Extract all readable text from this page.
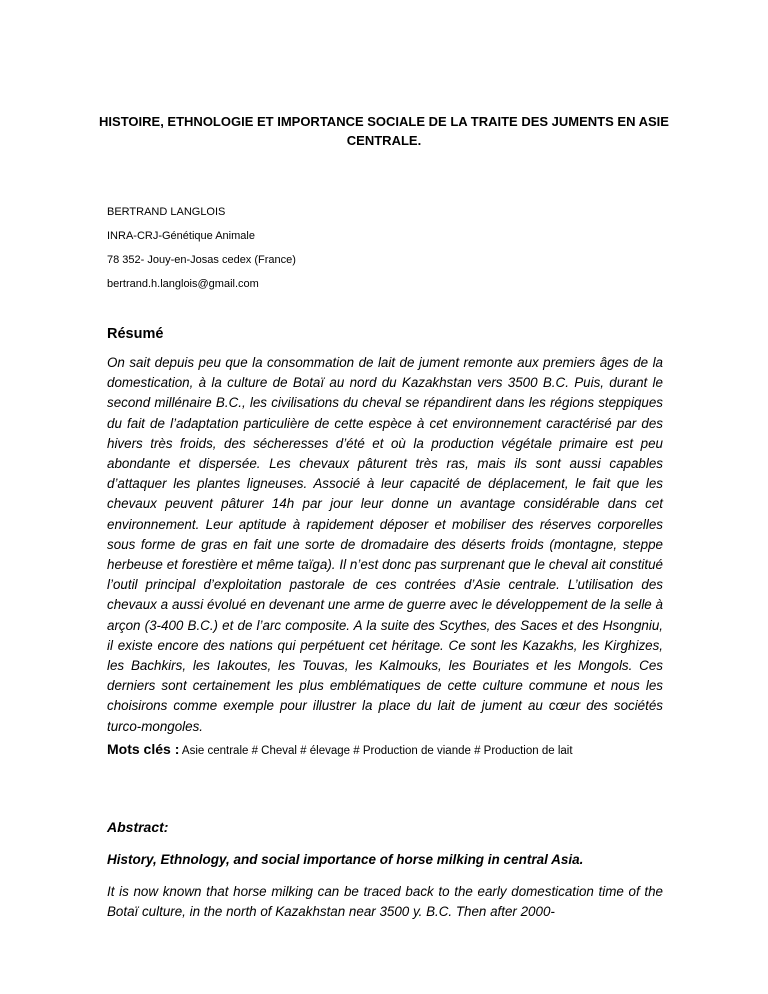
HISTOIRE, ETHNOLOGIE ET IMPORTANCE SOCIALE DE LA TRAITE DES JUMENTS EN ASIE CENTRALE.
BERTRAND LANGLOIS
INRA-CRJ-Génétique Animale
78 352- Jouy-en-Josas cedex (France)
bertrand.h.langlois@gmail.com
Résumé

On sait depuis peu que la consommation de lait de jument remonte aux premiers âges de la domestication, à la culture de Botaï au nord du Kazakhstan vers 3500 B.C. Puis, durant le second millénaire B.C., les civilisations du cheval se répandirent dans les régions steppiques du fait de l’adaptation particulière de cette espèce à cet environnement caractérisé par des hivers très froids, des sécheresses d’été et où la production végétale primaire est peu abondante et dispersée. Les chevaux pâturent très ras, mais ils sont aussi capables d’attaquer les plantes ligneuses. Associé à leur capacité de déplacement, le fait que les chevaux peuvent pâturer 14h par jour leur donne un avantage considérable dans cet environnement. Leur aptitude à rapidement déposer et mobiliser des réserves corporelles sous forme de gras en fait une sorte de dromadaire des déserts froids (montagne, steppe herbeuse et forestière et même taïga). Il n’est donc pas surprenant que le cheval ait constitué l’outil principal d’exploitation pastorale de ces contrées d’Asie centrale. L’utilisation des chevaux a aussi évolué en devenant une arme de guerre avec le développement de la selle à arçon (3-400 B.C.) et de l’arc composite. A la suite des Scythes, des Saces et des Hsongniu, il existe encore des nations qui perpétuent cet héritage. Ce sont les Kazakhs, les Kirghizes, les Bachkirs, les Iakoutes, les Touvas, les Kalmouks, les Bouriates et les Mongols. Ces derniers sont certainement les plus emblématiques de cette culture commune et nous les choisirons comme exemple pour illustrer la place du lait de jument au cœur des sociétés turco-mongoles.

Mots clés : Asie centrale # Cheval # élevage # Production de viande # Production de lait
Abstract:
History, Ethnology, and social importance of horse milking in central Asia.

It is now known that horse milking can be traced back to the early domestication time of the Botaï culture, in the north of Kazakhstan near 3500 y. B.C. Then after 2000-
